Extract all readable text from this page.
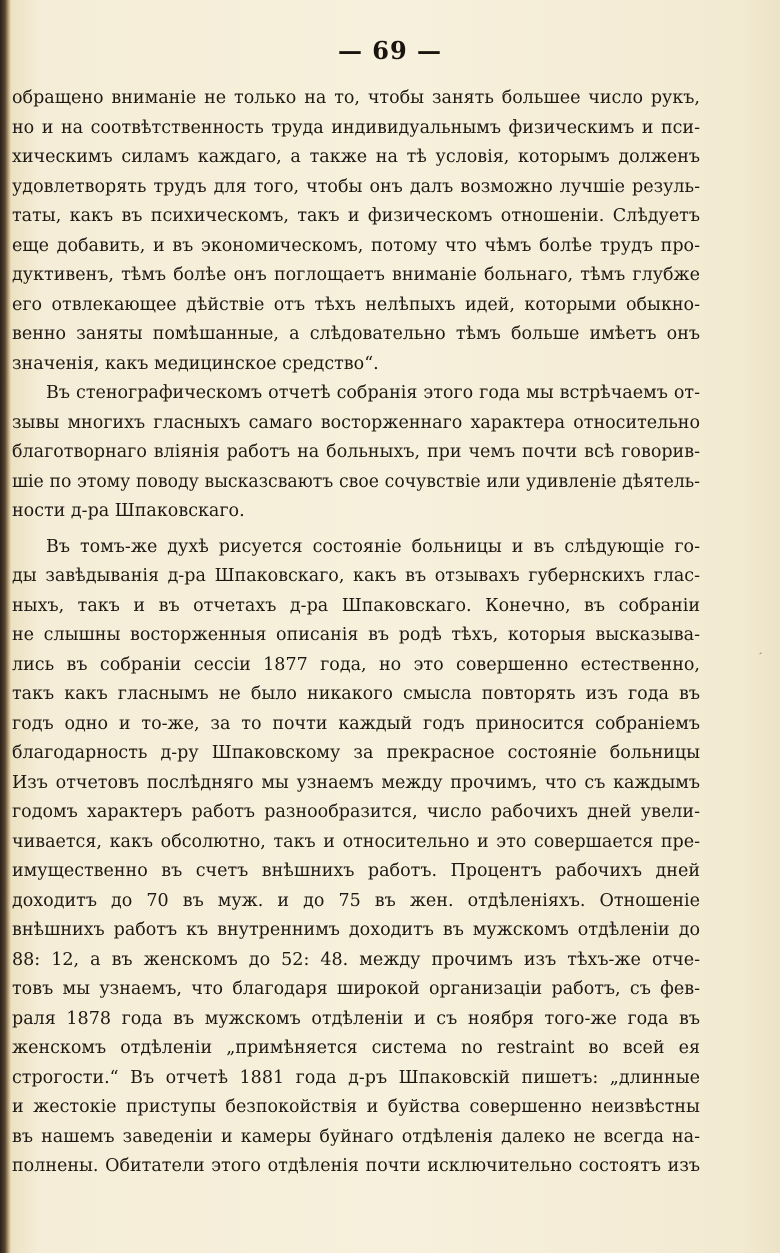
— 69 —
обращено вниманіе не только на то, чтобы занять большее число рукъ,
но и на соотвѣтственность труда индивидуальнымъ физическимъ и пси-
хическимъ силамъ каждаго, а также на тѣ условія, которымъ долженъ
удовлетворять трудъ для того, чтобы онъ далъ возможно лучшіе резуль-
таты, какъ въ психическомъ, такъ и физическомъ отношеніи. Слѣдуетъ
еще добавить, и въ экономическомъ, потому что чѣмъ болѣе трудъ про-
дуктивенъ, тѣмъ болѣе онъ поглощаетъ вниманіе больнаго, тѣмъ глубже
его отвлекающее дѣйствіе отъ тѣхъ нелѣпыхъ идей, которыми обыкно-
венно заняты помѣшанные, а слѣдовательно тѣмъ больше имѣетъ онъ
значенія, какъ медицинское средство“.
Въ стенографическомъ отчетѣ собранія этого года мы встрѣчаемъ от-
зывы многихъ гласныхъ самаго восторженнаго характера относительно
благотворнаго вліянія работъ на больныхъ, при чемъ почти всѣ говорив-
шіе по этому поводу высказсваютъ свое сочувствіе или удивленіе дѣятель-
ности д-ра Шпаковскаго.
Въ томъ-же духѣ рисуется состояніе больницы и въ слѣдующіе го-
ды завѣдыванія д-ра Шпаковскаго, какъ въ отзывахъ губернскихъ глас-
ныхъ, такъ и въ отчетахъ д-ра Шпаковскаго. Конечно, въ собраніи
не слышны восторженныя описанія въ родѣ тѣхъ, которыя высказыва-
лись въ собраніи сессіи 1877 года, но это совершенно естественно,
такъ какъ гласнымъ не было никакого смысла повторять изъ года въ
годъ одно и то-же, за то почти каждый годъ приносится собраніемъ
благодарность д-ру Шпаковскому за прекрасное состояніе больницы
Изъ отчетовъ послѣдняго мы узнаемъ между прочимъ, что съ каждымъ
годомъ характеръ работъ разнообразится, число рабочихъ дней увели-
чивается, какъ обсолютно, такъ и относительно и это совершается пре-
имущественно въ счетъ внѣшнихъ работъ. Процентъ рабочихъ дней
доходитъ до 70 въ муж. и до 75 въ жен. отдѣленіяхъ. Отношеніе
внѣшнихъ работъ къ внутреннимъ доходитъ въ мужскомъ отдѣленіи до
88: 12, а въ женскомъ до 52: 48. между прочимъ изъ тѣхъ-же отче-
товъ мы узнаемъ, что благодаря широкой организаціи работъ, съ фев-
раля 1878 года въ мужскомъ отдѣленіи и съ ноября того-же года въ
женскомъ отдѣленіи „примѣняется система no restraint во всей ея
строгости.“ Въ отчетѣ 1881 года д-ръ Шпаковскій пишетъ: „длинные
и жестокіе приступы безпокойствія и буйства совершенно неизвѣстны
въ нашемъ заведеніи и камеры буйнаго отдѣленія далеко не всегда на-
полнены. Обитатели этого отдѣленія почти исключительно состоятъ изъ
′
